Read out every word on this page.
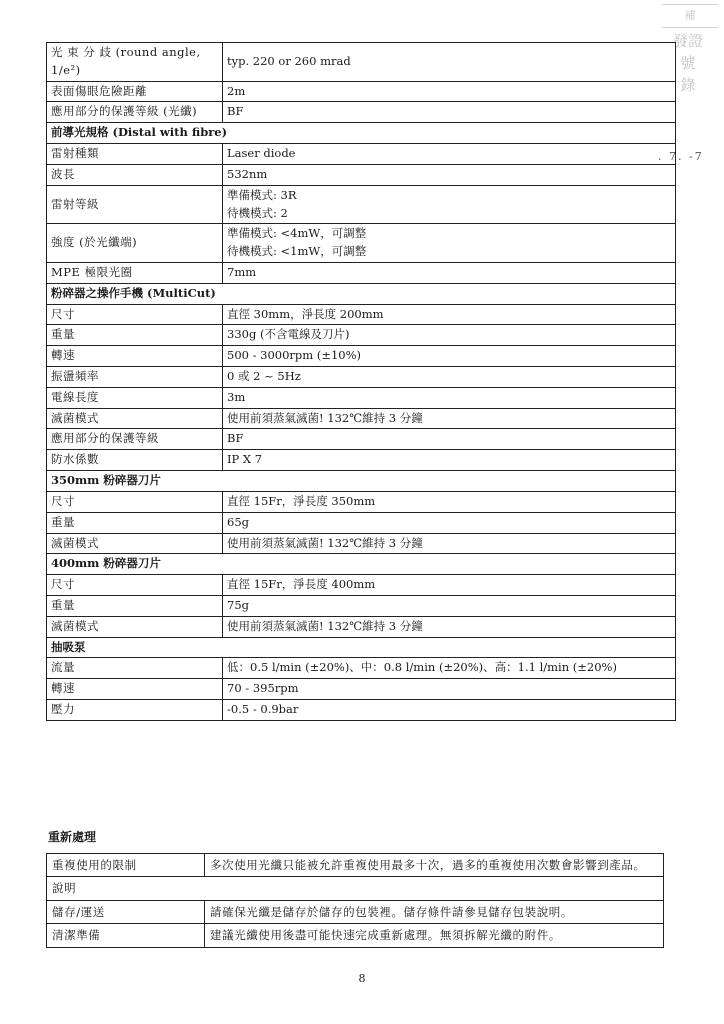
補
發證
號
錄
. 7. -7
光 束 分 歧 (round angle, 1/e²)	typ. 220 or 260 mrad
表面傷眼危險距離	2m
應用部分的保護等級 (光纖)	BF
前導光規格 (Distal with fibre)	
雷射種類	Laser diode
波長	532nm
雷射等級	準備模式: 3R
待機模式: 2

強度 (於光纖端)	準備模式: <4mW，可調整
待機模式: <1mW，可調整

MPE 極限光圈	7mm
粉碎器之操作手機 (MultiCut)	
尺寸	直徑 30mm，淨長度 200mm
重量	330g (不含電線及刀片)
轉速	500 - 3000rpm (±10%)
振盪頻率	0 或 2 ~ 5Hz
電線長度	3m
滅菌模式	使用前須蒸氣滅菌! 132℃維持 3 分鐘
應用部分的保護等級	BF
防水係數	IP X 7
350mm 粉碎器刀片	
尺寸	直徑 15Fr，淨長度 350mm
重量	65g
滅菌模式	使用前須蒸氣滅菌! 132℃維持 3 分鐘
400mm 粉碎器刀片	
尺寸	直徑 15Fr，淨長度 400mm
重量	75g
滅菌模式	使用前須蒸氣滅菌! 132℃維持 3 分鐘
抽吸泵	
流量	低：0.5 l/min (±20%)、中：0.8 l/min (±20%)、高：1.1 l/min (±20%)
轉速	70 - 395rpm
壓力	-0.5 - 0.9bar
重新處理
重複使用的限制	多次使用光纖只能被允許重複使用最多十次，過多的重複使用次數會影響到產品。
說明	
儲存/運送	請確保光纖是儲存於儲存的包裝裡。儲存條件請參見儲存包裝說明。
清潔準備	建議光纖使用後盡可能快速完成重新處理。無須拆解光纖的附件。
8
